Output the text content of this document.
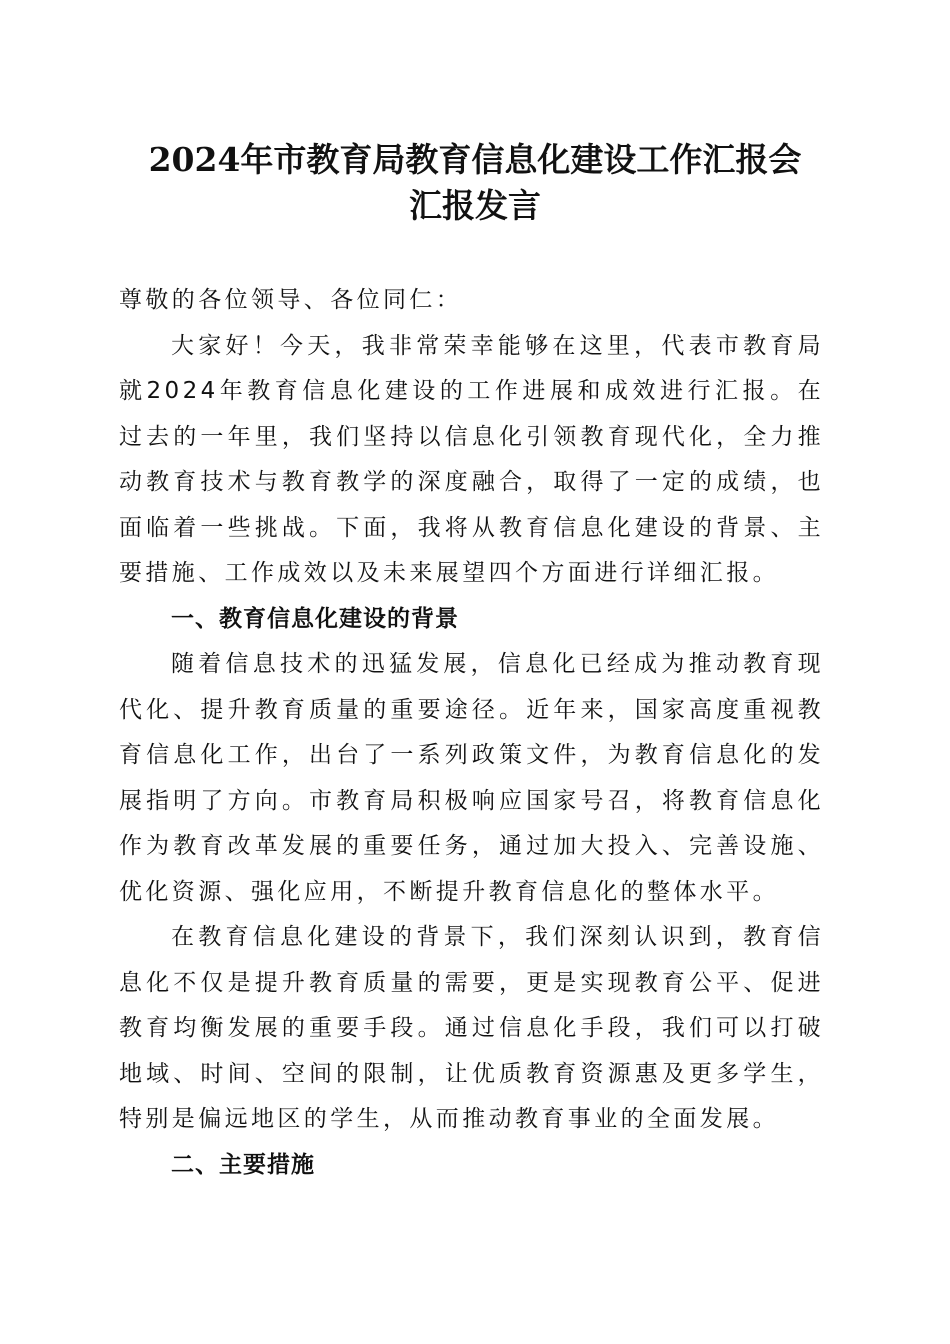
2024年市教育局教育信息化建设工作汇报会
汇报发言

尊敬的各位领导、各位同仁：

大家好！今天，我非常荣幸能够在这里，代表市教育局就2024年教育信息化建设的工作进展和成效进行汇报。在过去的一年里，我们坚持以信息化引领教育现代化，全力推动教育技术与教育教学的深度融合，取得了一定的成绩，也面临着一些挑战。下面，我将从教育信息化建设的背景、主要措施、工作成效以及未来展望四个方面进行详细汇报。

一、教育信息化建设的背景

随着信息技术的迅猛发展，信息化已经成为推动教育现代化、提升教育质量的重要途径。近年来，国家高度重视教育信息化工作，出台了一系列政策文件，为教育信息化的发展指明了方向。市教育局积极响应国家号召，将教育信息化作为教育改革发展的重要任务，通过加大投入、完善设施、优化资源、强化应用，不断提升教育信息化的整体水平。

在教育信息化建设的背景下，我们深刻认识到，教育信息化不仅是提升教育质量的需要，更是实现教育公平、促进教育均衡发展的重要手段。通过信息化手段，我们可以打破地域、时间、空间的限制，让优质教育资源惠及更多学生，特别是偏远地区的学生，从而推动教育事业的全面发展。

二、主要措施
